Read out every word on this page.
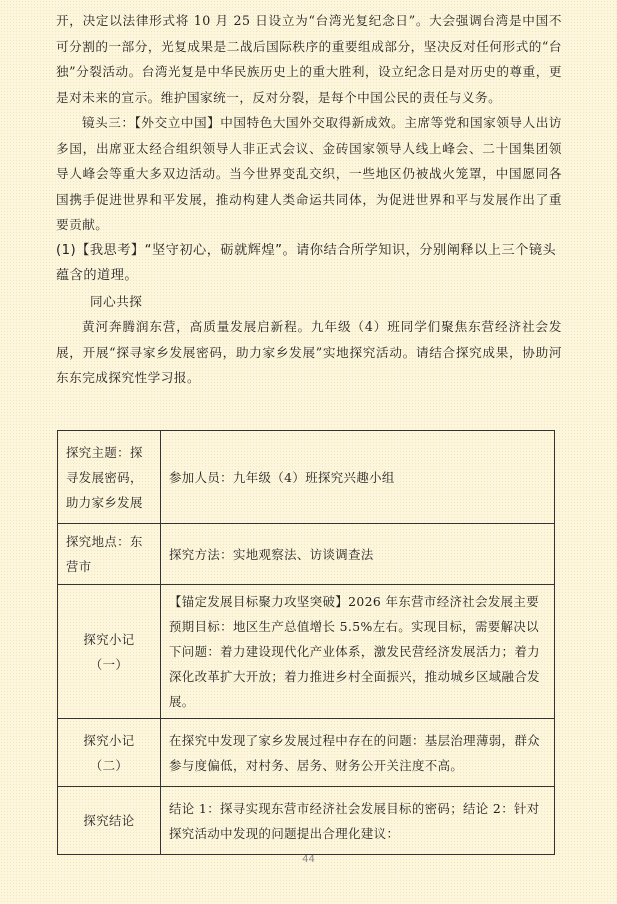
开，决定以法律形式将 10 月 25 日设立为“台湾光复纪念日”。大会强调台湾是中国不可分割的一部分，光复成果是二战后国际秩序的重要组成部分，坚决反对任何形式的“台独”分裂活动。台湾光复是中华民族历史上的重大胜利，设立纪念日是对历史的尊重，更是对未来的宣示。维护国家统一，反对分裂，是每个中国公民的责任与义务。

镜头三：【外交立中国】中国特色大国外交取得新成效。主席等党和国家领导人出访多国，出席亚太经合组织领导人非正式会议、金砖国家领导人线上峰会、二十国集团领导人峰会等重大多双边活动。当今世界变乱交织，一些地区仍被战火笼罩，中国愿同各国携手促进世界和平发展，推动构建人类命运共同体，为促进世界和平与发展作出了重要贡献。

(1)【我思考】“坚守初心，砺就辉煌”。请你结合所学知识，分别阐释以上三个镜头蕴含的道理。

同心共探

黄河奔腾润东营，高质量发展启新程。九年级（4）班同学们聚焦东营经济社会发展，开展“探寻家乡发展密码，助力家乡发展”实地探究活动。请结合探究成果，协助河东东完成探究性学习报。

探究主题：探寻发展密码，助力家乡发展	参加人员：九年级（4）班探究兴趣小组
探究地点：东营市	探究方法：实地观察法、访谈调查法

探究小记
（一）	【锚定发展目标聚力攻坚突破】2026 年东营市经济社会发展主要预期目标：地区生产总值增长 5.5%左右。实现目标，需要解决以下问题：着力建设现代化产业体系，激发民营经济发展活力；着力深化改革扩大开放；着力推进乡村全面振兴，推动城乡区域融合发展。

探究小记
（二）	在探究中发现了家乡发展过程中存在的问题：基层治理薄弱，群众参与度偏低，对村务、居务、财务公开关注度不高。
探究结论	结论 1：探寻实现东营市经济社会发展目标的密码；结论 2：针对探究活动中发现的问题提出合理化建议：
44
